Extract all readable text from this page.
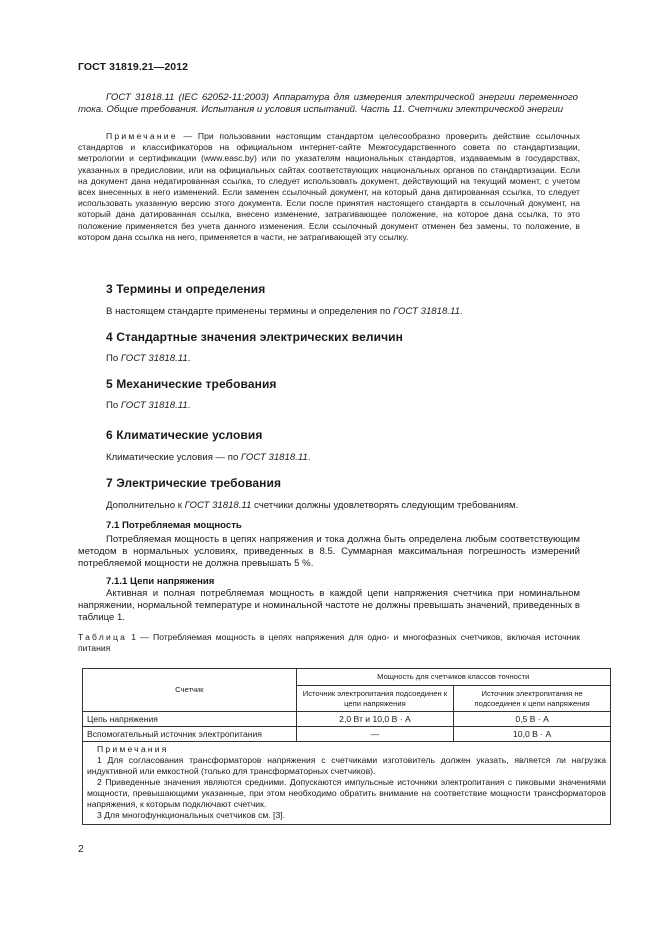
ГОСТ 31819.21—2012
ГОСТ 31818.11 (IEC 62052-11:2003) Аппаратура для измерения электрической энергии переменного тока. Общие требования. Испытания и условия испытаний. Часть 11. Счетчики электрической энергии
Примечание — При пользовании настоящим стандартом целесообразно проверить действие ссылочных стандартов и классификаторов на официальном интернет-сайте Межгосударственного совета по стандартизации, метрологии и сертификации (www.easc.by) или по указателям национальных стандартов, издаваемым в государствах, указанных в предисловии, или на официальных сайтах соответствующих национальных органов по стандартизации. Если на документ дана недатированная ссылка, то следует использовать документ, действующий на текущий момент, с учетом всех внесенных в него изменений. Если заменен ссылочный документ, на который дана датированная ссылка, то следует использовать указанную версию этого документа. Если после принятия настоящего стандарта в ссылочный документ, на который дана датированная ссылка, внесено изменение, затрагивающее положение, на которое дана ссылка, то это положение применяется без учета данного изменения. Если ссылочный документ отменен без замены, то положение, в котором дана ссылка на него, применяется в части, не затрагивающей эту ссылку.
3 Термины и определения
В настоящем стандарте применены термины и определения по ГОСТ 31818.11.
4 Стандартные значения электрических величин
По ГОСТ 31818.11.
5 Механические требования
По ГОСТ 31818.11.
6 Климатические условия
Климатические условия — по ГОСТ 31818.11.
7 Электрические требования
Дополнительно к ГОСТ 31818.11 счетчики должны удовлетворять следующим требованиям.
7.1 Потребляемая мощность
Потребляемая мощность в цепях напряжения и тока должна быть определена любым соответствующим методом в нормальных условиях, приведенных в 8.5. Суммарная максимальная погрешность измерений потребляемой мощности не должна превышать 5 %.
7.1.1 Цепи напряжения
Активная и полная потребляемая мощность в каждой цепи напряжения счетчика при номинальном напряжении, нормальной температуре и номинальной частоте не должны превышать значений, приведенных в таблице 1.
Таблица 1 — Потребляемая мощность в цепях напряжения для одно- и многофазных счетчиков, включая источник питания
Счетчик	Мощность для счетчиков классов точности	
	Источник электропитания подсоединен к цепи напряжения	Источник электропитания не подсоединен к цепи напряжения
Цепь напряжения	2,0 Вт и 10,0 В · А	0,5 В · А
Вспомогательный источник электропитания	—	10,0 В · А

Примечания
1 Для согласования трансформаторов напряжения с счетчиками изготовитель должен указать, является ли нагрузка индуктивной или емкостной (только для трансформаторных счетчиков).
2 Приведенные значения являются средними. Допускаются импульсные источники электропитания с пиковыми значениями мощности, превышающими указанные, при этом необходимо обратить внимание на соответствие мощности трансформаторов напряжения, к которым подключают счетчик.
3 Для многофункциональных счетчиков см. [3].		
2
